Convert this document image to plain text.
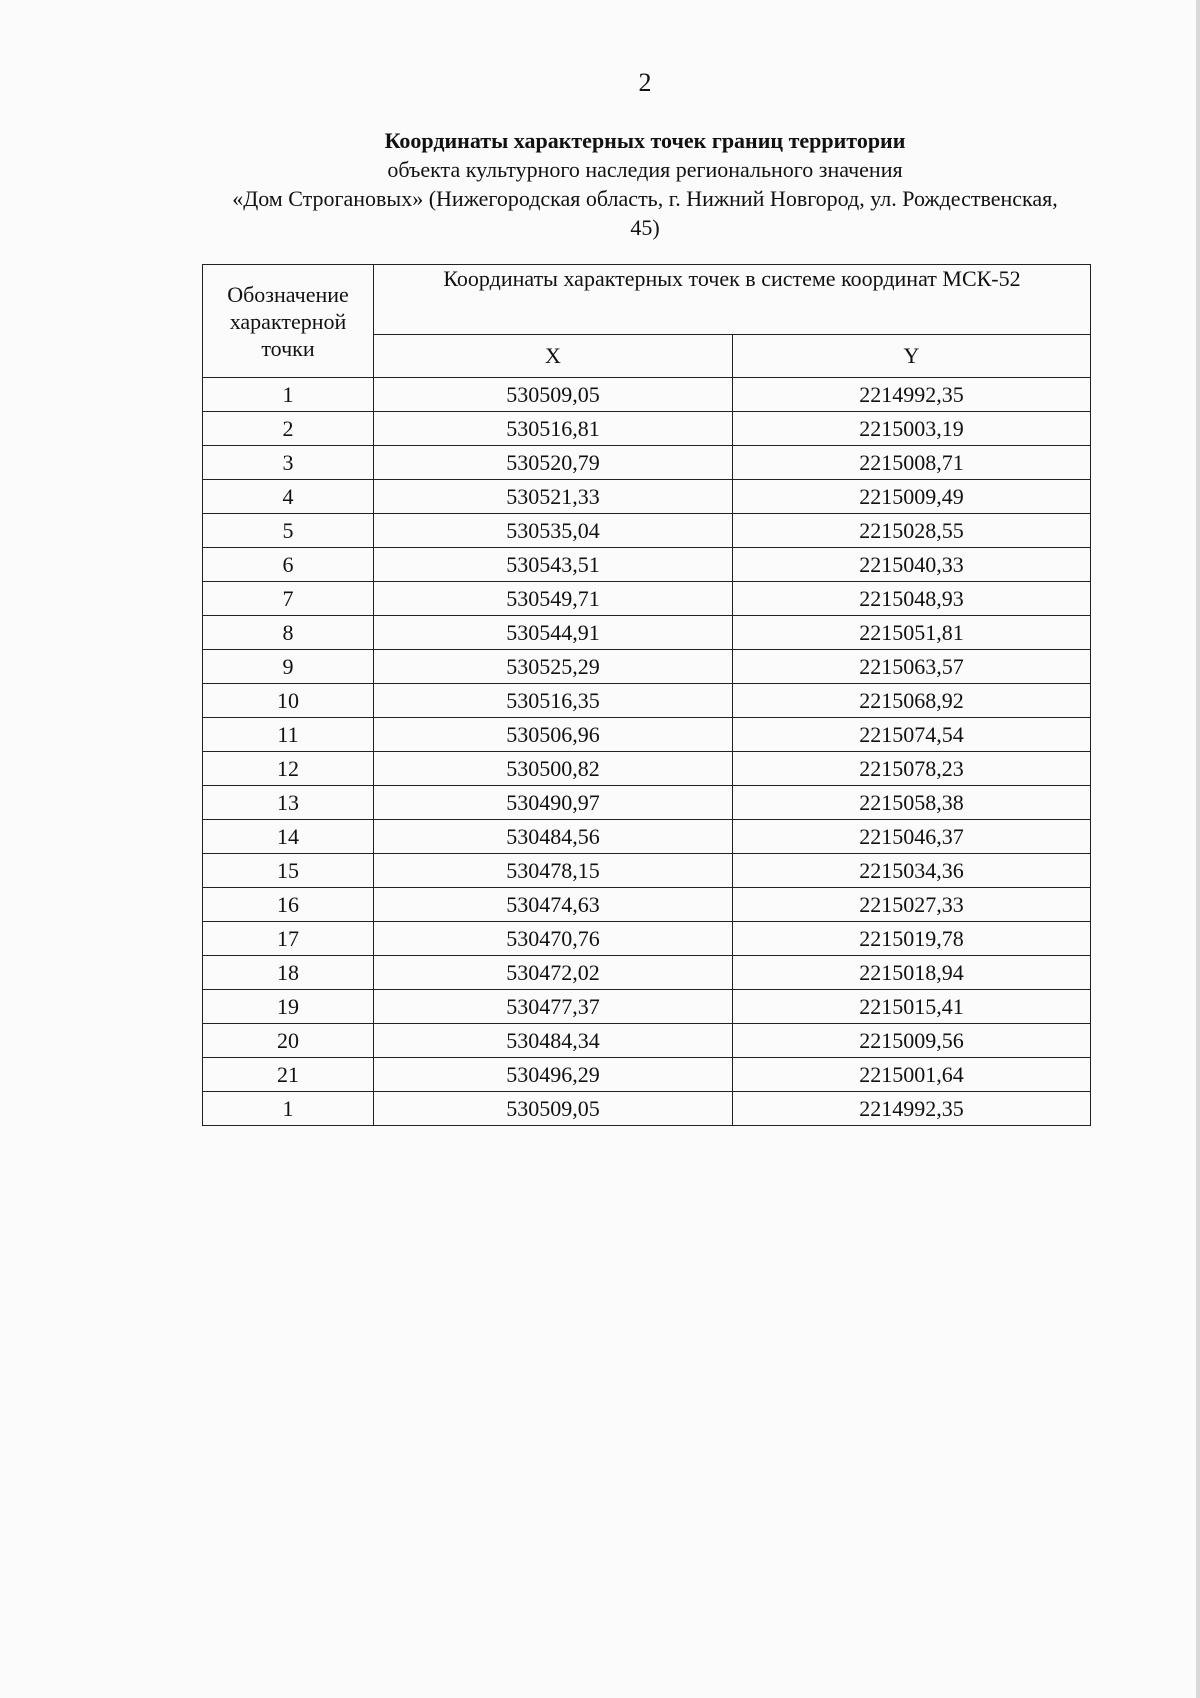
2
Координаты характерных точек границ территории
объекта культурного наследия регионального значения
«Дом Строгановых» (Нижегородская область, г. Нижний Новгород, ул. Рождественская,
45)
Обозначение характерной точки	Координаты характерных точек в системе координат МСК-52	
	X	Y
1	530509,05	2214992,35
2	530516,81	2215003,19
3	530520,79	2215008,71
4	530521,33	2215009,49
5	530535,04	2215028,55
6	530543,51	2215040,33
7	530549,71	2215048,93
8	530544,91	2215051,81
9	530525,29	2215063,57
10	530516,35	2215068,92
11	530506,96	2215074,54
12	530500,82	2215078,23
13	530490,97	2215058,38
14	530484,56	2215046,37
15	530478,15	2215034,36
16	530474,63	2215027,33
17	530470,76	2215019,78
18	530472,02	2215018,94
19	530477,37	2215015,41
20	530484,34	2215009,56
21	530496,29	2215001,64
1	530509,05	2214992,35
